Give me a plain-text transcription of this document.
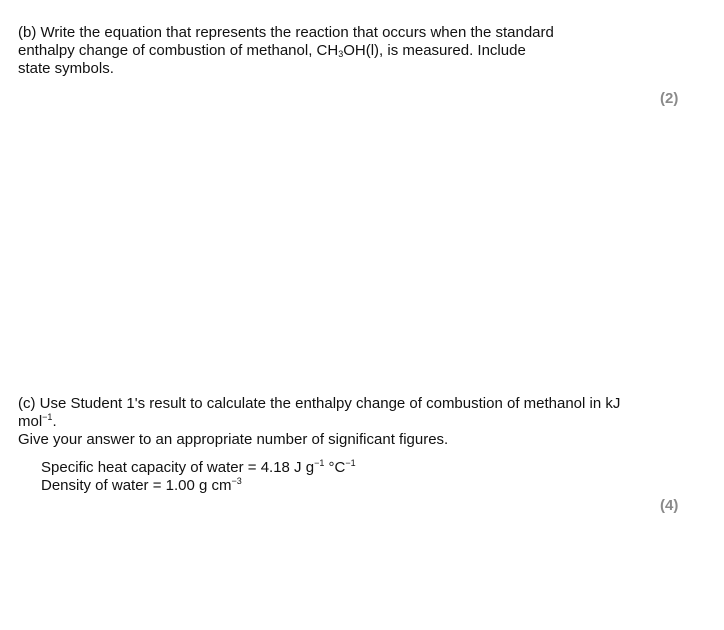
(b) Write the equation that represents the reaction that occurs when the standard
enthalpy change of combustion of methanol, $CH_3OH(l)$, is measured. Include
state symbols.
(2)
(c) Use Student 1's result to calculate the enthalpy change of combustion of methanol in kJ
mol$^{-1}$.
Give your answer to an appropriate number of significant figures.
Specific heat capacity of water = 4.18 J $g^{-1}$ $^\circ C^{-1}$
Density of water = 1.00 g $cm^{-3}$
(4)
